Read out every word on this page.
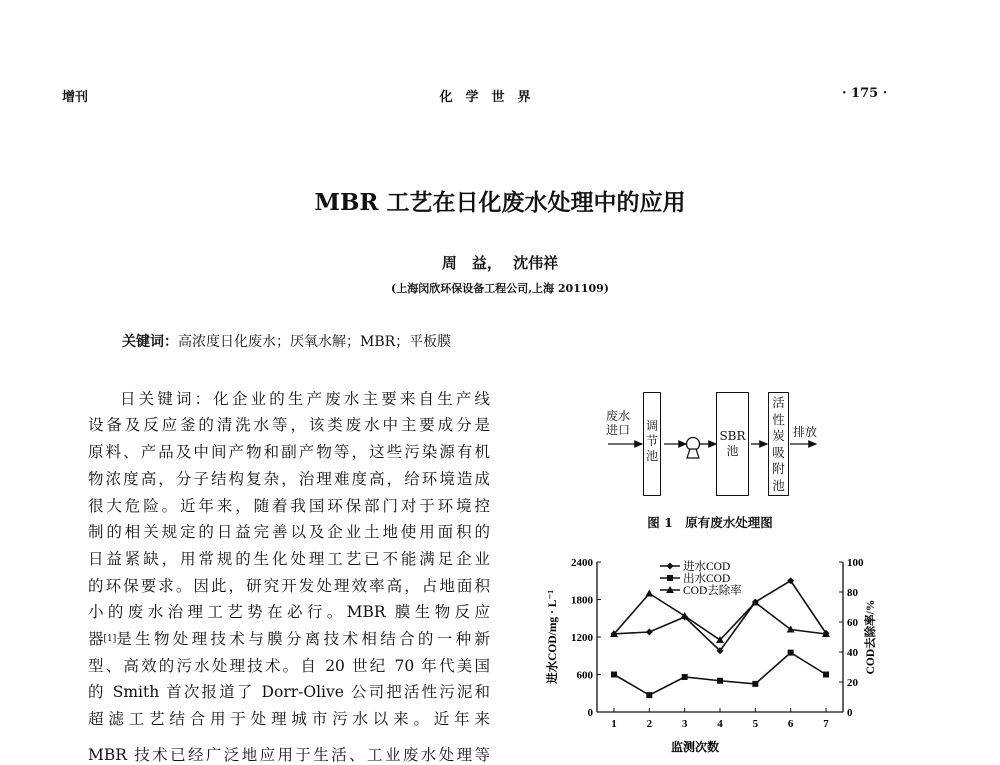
增刊	化　学　世　界	· 175 ·
MBR 工艺在日化废水处理中的应用
周　益， 沈伟祥
(上海闵欣环保设备工程公司,上海 201109)
关键词：高浓度日化废水；厌氧水解；MBR；平板膜
日关键词：化企业的生产废水主要来自生产线
设备及反应釜的清洗水等，该类废水中主要成分是
原料、产品及中间产物和副产物等，这些污染源有机
物浓度高，分子结构复杂，治理难度高，给环境造成
很大危险。近年来，随着我国环保部门对于环境控
制的相关规定的日益完善以及企业土地使用面积的
日益紧缺，用常规的生化处理工艺已不能满足企业
的环保要求。因此，研究开发处理效率高，占地面积
小的废水治理工艺势在必行。MBR 膜生物反应
器 [1] 是生物处理技术与膜分离技术相结合的一种新
型、高效的污水处理技术。自 20 世纪 70 年代美国
的 Smith 首次报道了 Dorr-Olive 公司把活性污泥和
超滤工艺结合用于处理城市污水以来。近年来
MBR 技术已经广泛地应用于生活、工业废水处理等
废水进口 调节池
SBR池
活性炭吸附池
排放
图 1　原有废水处理图
0
600
1200
1800
2400
0
20
40
60
80
100
1	2	3	4	5	6	7
监测次数
进水COD/mg · L⁻¹	COD去除率/%
进水COD
出水COD
COD去除率
